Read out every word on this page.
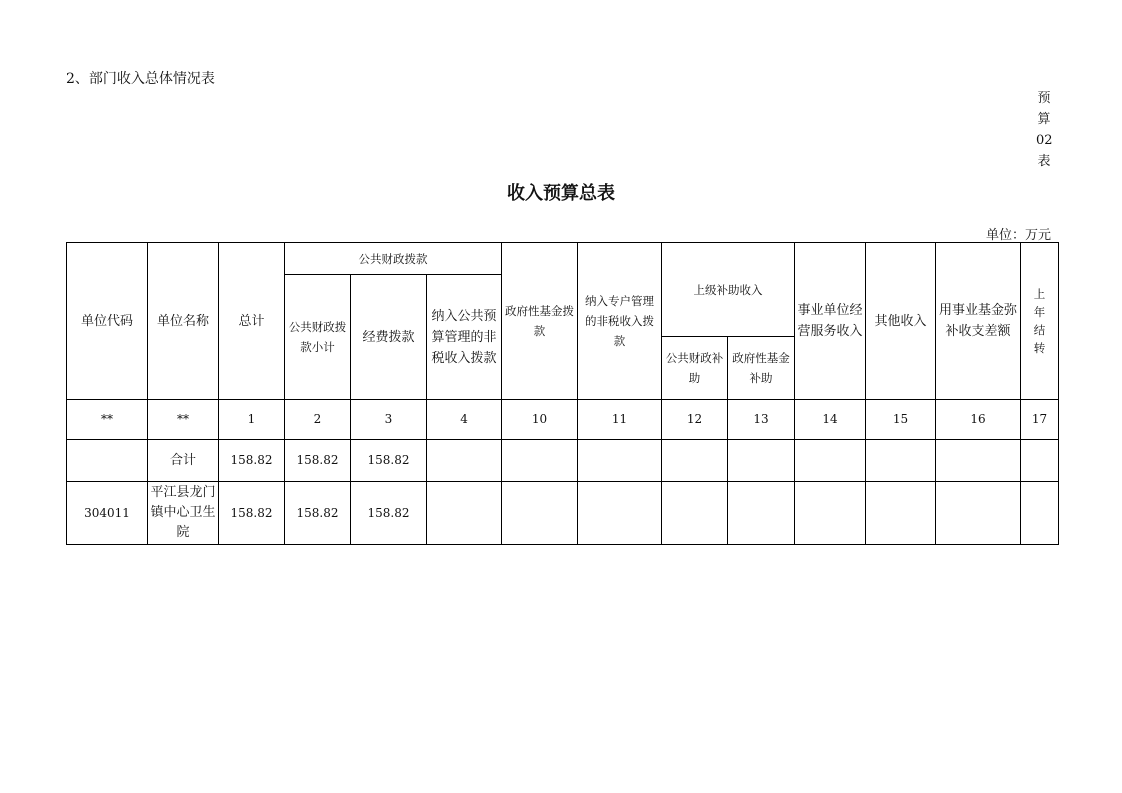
2、部门收入总体情况表
预
算
02
表
收入预算总表
单位：万元
单位代码	单位名称	总计	公共财政拨款			政府性基金拨款	纳入专户管理的非税收入拨款	上级补助收入		事业单位经营服务收入	其他收入	用事业基金弥补收支差额	上
年
结
转

			公共财政拨款小计	经费拨款	纳入公共预算管理的非税收入拨款								
								公共财政补助	政府性基金补助				
**	**	1	2	3	4	10	11	12	13	14	15	16	17
	合计	158.82	158.82	158.82									
304011	平江县龙门镇中心卫生院	158.82	158.82	158.82									
